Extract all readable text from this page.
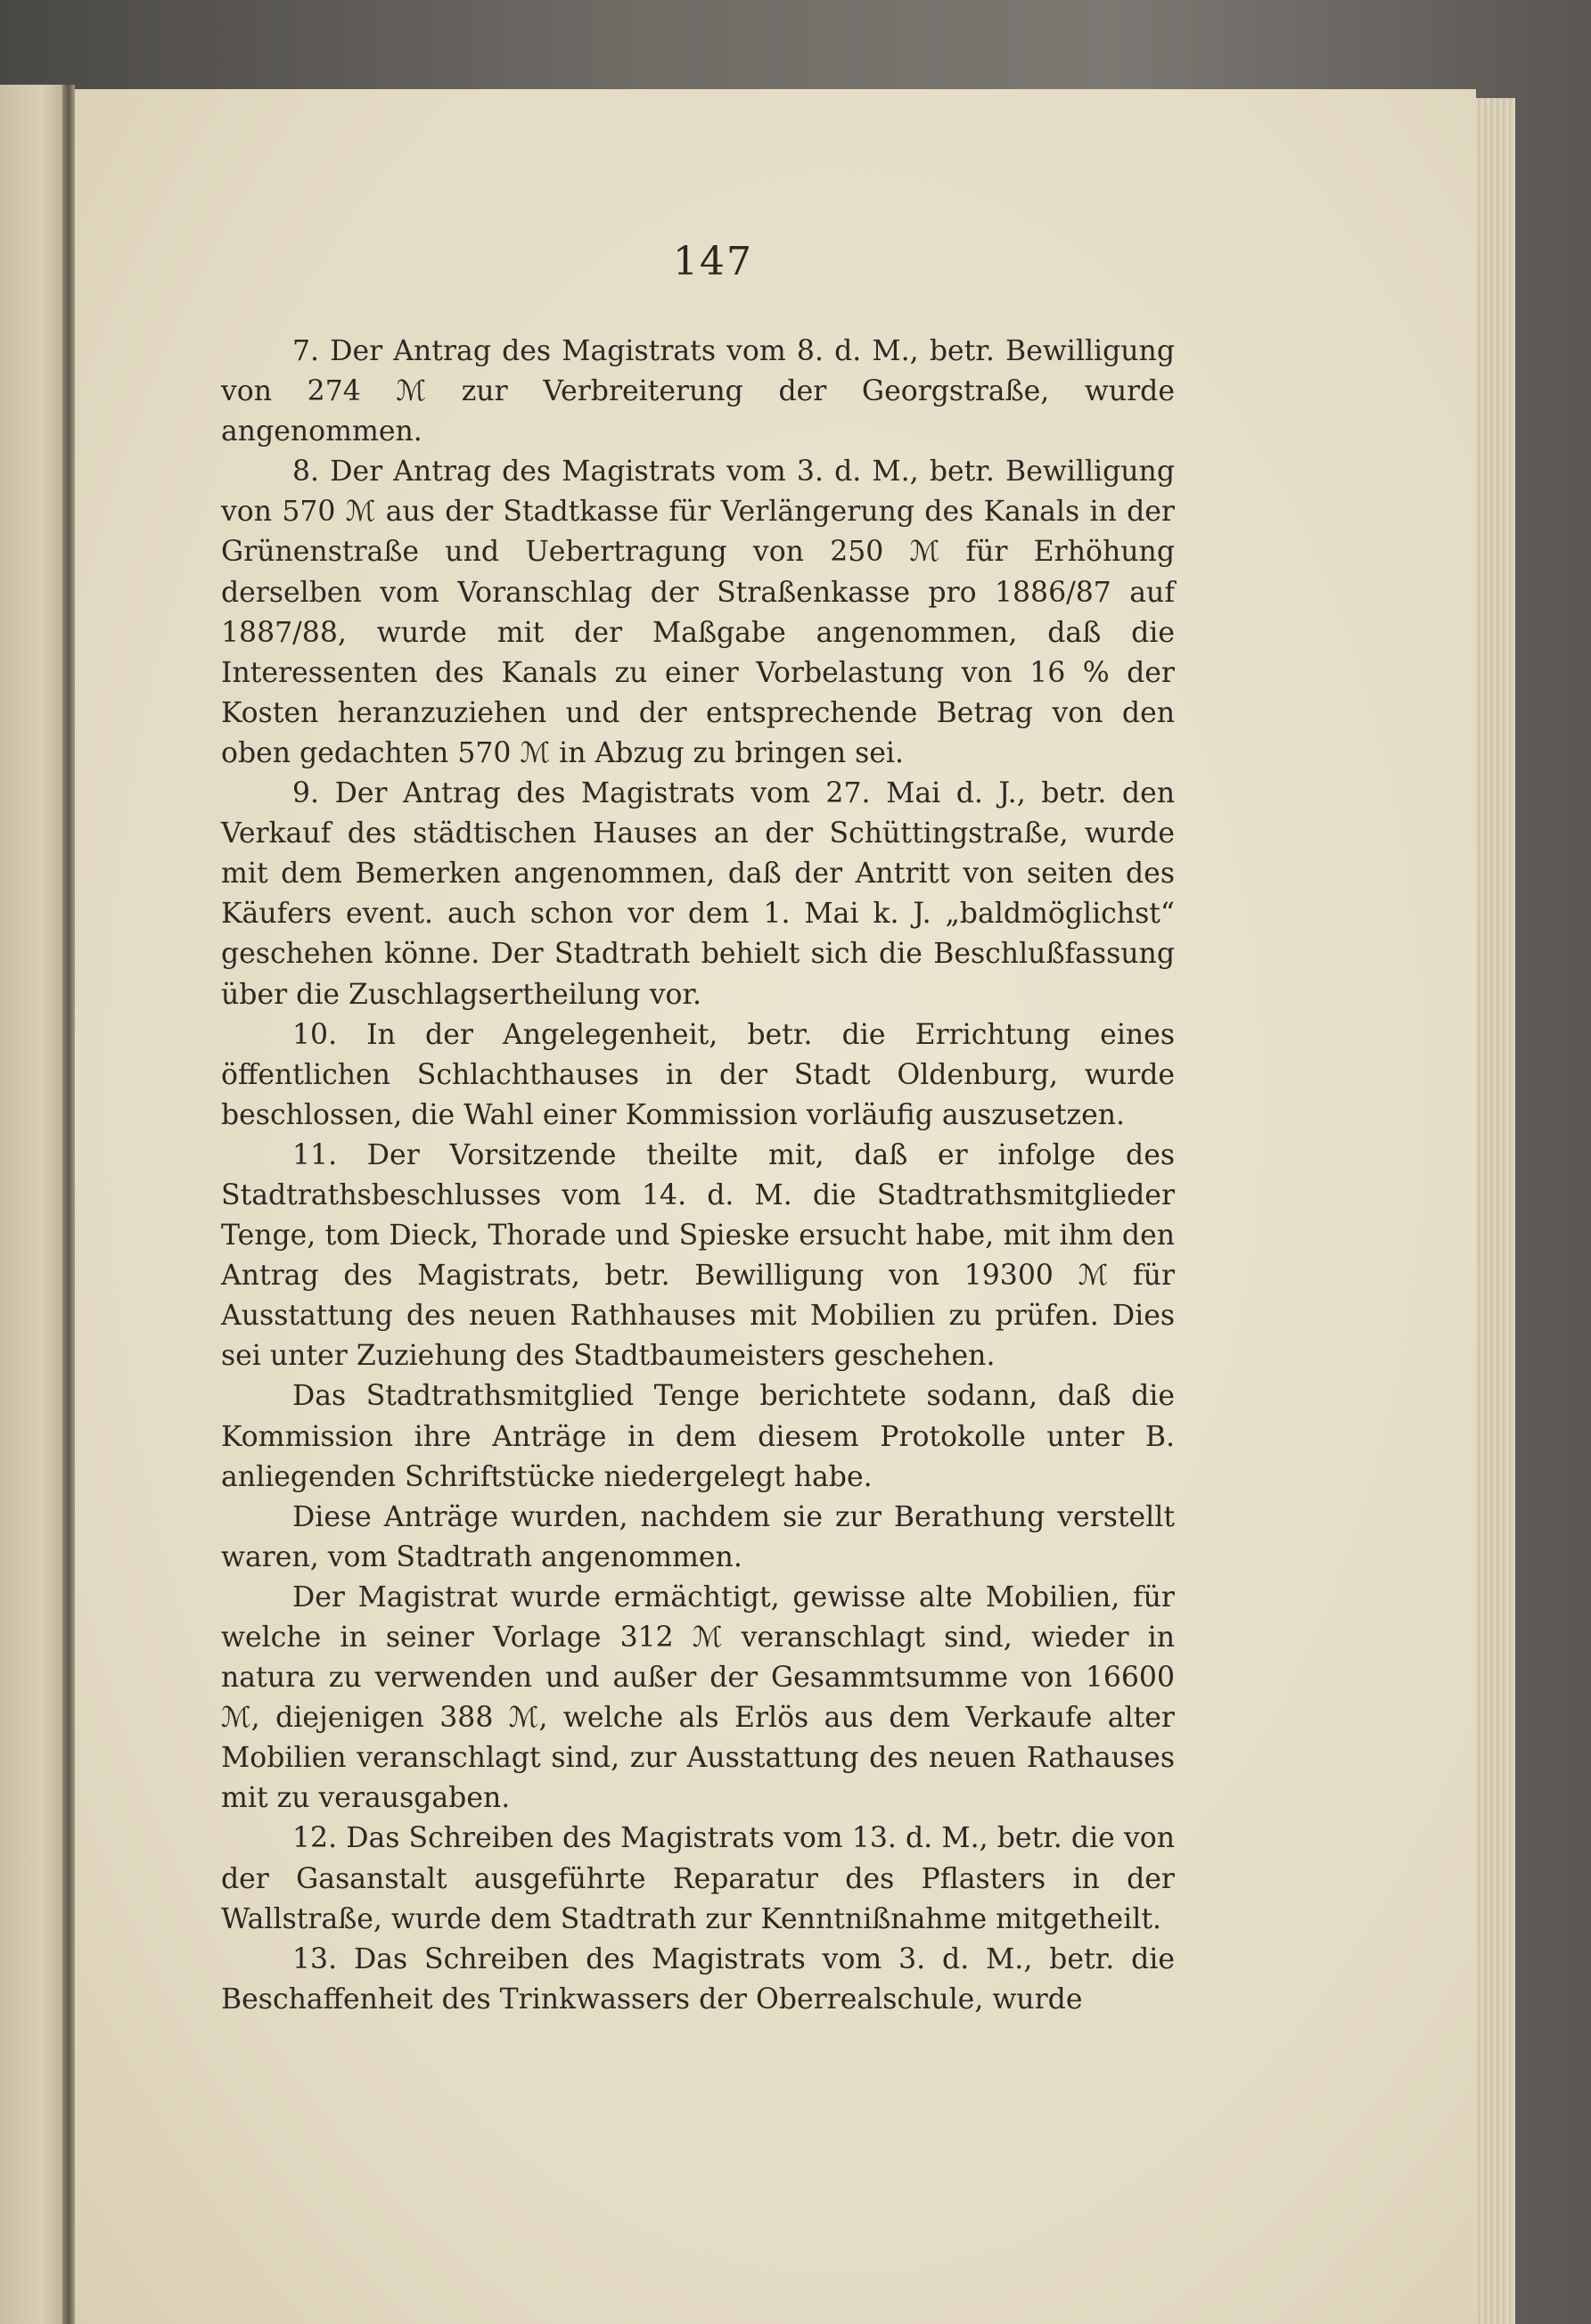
147

7. Der Antrag des Magistrats vom 8. d. M., betr. Bewilligung von 274 ℳ zur Verbreiterung der Georgstraße, wurde angenommen.

8. Der Antrag des Magistrats vom 3. d. M., betr. Bewilligung von 570 ℳ aus der Stadtkasse für Verlängerung des Kanals in der Grünenstraße und Uebertragung von 250 ℳ für Erhöhung derselben vom Voranschlag der Straßenkasse pro 1886/87 auf 1887/88, wurde mit der Maßgabe angenommen, daß die Interessenten des Kanals zu einer Vorbelastung von 16 % der Kosten heranzuziehen und der entsprechende Betrag von den oben gedachten 570 ℳ in Abzug zu bringen sei.

9. Der Antrag des Magistrats vom 27. Mai d. J., betr. den Verkauf des städtischen Hauses an der Schüttingstraße, wurde mit dem Bemerken angenommen, daß der Antritt von seiten des Käufers event. auch schon vor dem 1. Mai k. J. „baldmöglichst“ geschehen könne. Der Stadtrath behielt sich die Beschlußfassung über die Zuschlagsertheilung vor.

10. In der Angelegenheit, betr. die Errichtung eines öffentlichen Schlachthauses in der Stadt Oldenburg, wurde beschlossen, die Wahl einer Kommission vorläufig auszusetzen.

11. Der Vorsitzende theilte mit, daß er infolge des Stadtrathsbeschlusses vom 14. d. M. die Stadtrathsmitglieder Tenge, tom Dieck, Thorade und Spieske ersucht habe, mit ihm den Antrag des Magistrats, betr. Bewilligung von 19300 ℳ für Ausstattung des neuen Rathhauses mit Mobilien zu prüfen. Dies sei unter Zuziehung des Stadtbaumeisters geschehen.

Das Stadtrathsmitglied Tenge berichtete sodann, daß die Kommission ihre Anträge in dem diesem Protokolle unter B. anliegenden Schriftstücke niedergelegt habe.

Diese Anträge wurden, nachdem sie zur Berathung verstellt waren, vom Stadtrath angenommen.

Der Magistrat wurde ermächtigt, gewisse alte Mobilien, für welche in seiner Vorlage 312 ℳ veranschlagt sind, wieder in natura zu verwenden und außer der Gesammtsumme von 16600 ℳ, diejenigen 388 ℳ, welche als Erlös aus dem Verkaufe alter Mobilien veranschlagt sind, zur Ausstattung des neuen Rathauses mit zu verausgaben.

12. Das Schreiben des Magistrats vom 13. d. M., betr. die von der Gasanstalt ausgeführte Reparatur des Pflasters in der Wallstraße, wurde dem Stadtrath zur Kenntnißnahme mitgetheilt.

13. Das Schreiben des Magistrats vom 3. d. M., betr. die Beschaffenheit des Trinkwassers der Oberrealschule, wurde
